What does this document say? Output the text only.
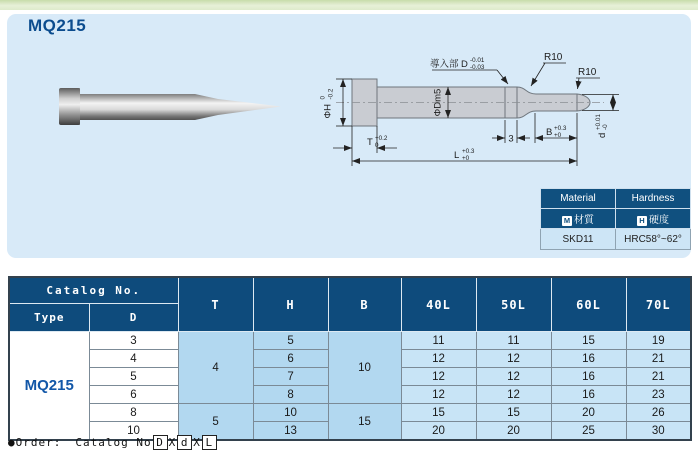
MQ215
導入部 D -0.01
-0.03
R10
R10
ΦH
0 -0.2	ΦDm5
T +0.2
0
3
B +0.3
+0
L +0.3
+0
d
+0.01 -0
Material	Hardness
M 材質	H 硬度
SKD11	HRC58°~62°
Catalog No.		T	H	B	40L	50L	60L	70L
Type	D							
MQ215	3	4	5	10	11	11	15	19
	4		6		12	12	16	21
	5		7		12	12	16	21
	6		8		12	12	16	23
	8	5	10	15	15	15	20	26
	10		13		20	20	25	30
● Order: Catalog No D X d X L
